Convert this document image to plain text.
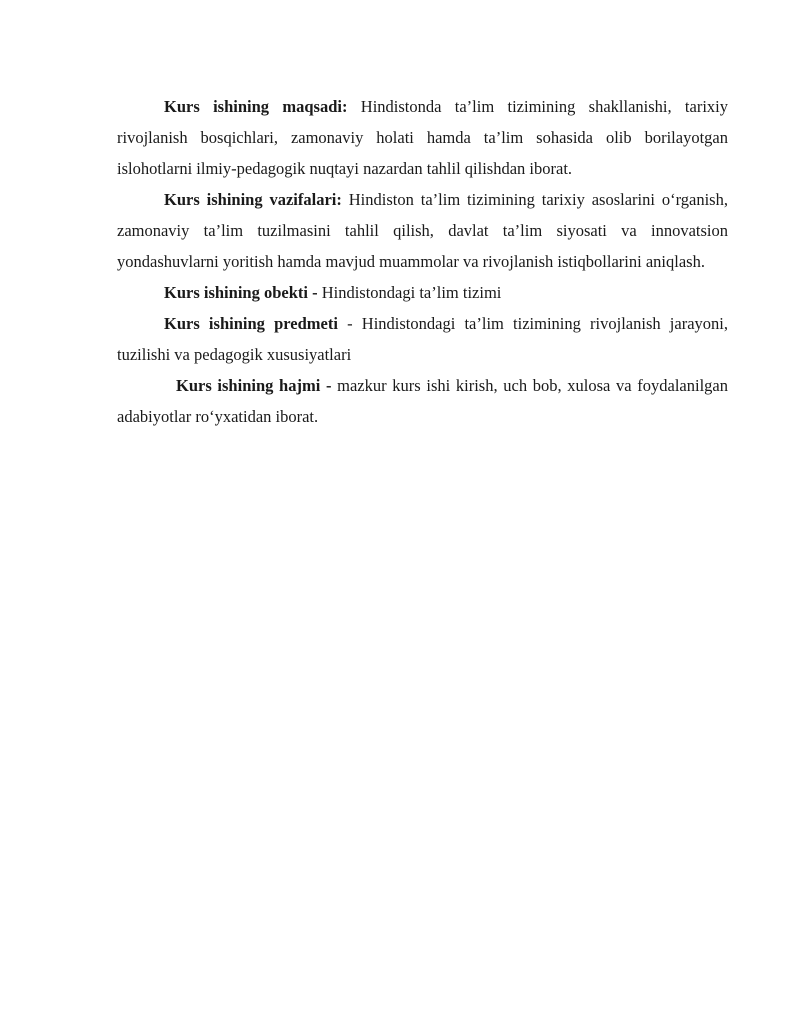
Kurs ishining maqsadi: Hindistonda ta’lim tizimining shakllanishi, tarixiy rivojlanish bosqichlari, zamonaviy holati hamda ta’lim sohasida olib borilayotgan islohotlarni ilmiy-pedagogik nuqtayi nazardan tahlil qilishdan iborat.

Kurs ishining vazifalari: Hindiston ta’lim tizimining tarixiy asoslarini o‘rganish, zamonaviy ta’lim tuzilmasini tahlil qilish, davlat ta’lim siyosati va innovatsion yondashuvlarni yoritish hamda mavjud muammolar va rivojlanish istiqbollarini aniqlash.

Kurs ishining obekti - Hindistondagi ta’lim tizimi

Kurs ishining predmeti - Hindistondagi ta’lim tizimining rivojlanish jarayoni, tuzilishi va pedagogik xususiyatlari

Kurs ishining hajmi - mazkur kurs ishi kirish, uch bob, xulosa va foydalanilgan adabiyotlar ro‘yxatidan iborat.
